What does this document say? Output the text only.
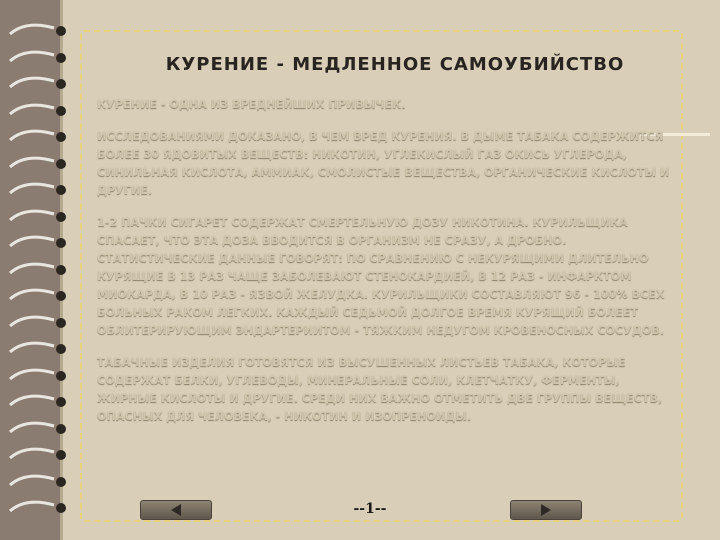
КУРЕНИЕ - МЕДЛЕННОЕ САМОУБИЙСТВО

КУРЕНИЕ - ОДНА ИЗ ВРЕДНЕЙШИХ ПРИВЫЧЕК.

ИССЛЕДОВАНИЯМИ ДОКАЗАНО, В ЧЕМ ВРЕД КУРЕНИЯ. В ДЫМЕ ТАБАКА СОДЕРЖИТСЯ БОЛЕЕ 30 ЯДОВИТЫХ ВЕЩЕСТВ: НИКОТИН, УГЛЕКИСЛЫЙ ГАЗ ОКИСЬ УГЛЕРОДА, СИНИЛЬНАЯ КИСЛОТА, АММИАК, СМОЛИСТЫЕ ВЕЩЕСТВА, ОРГАНИЧЕСКИЕ КИСЛОТЫ И ДРУГИЕ.

1-2 ПАЧКИ СИГАРЕТ СОДЕРЖАТ СМЕРТЕЛЬНУЮ ДОЗУ НИКОТИНА. КУРИЛЬЩИКА СПАСАЕТ, ЧТО ЭТА ДОЗА ВВОДИТСЯ В ОРГАНИЗМ НЕ СРАЗУ, А ДРОБНО. СТАТИСТИЧЕСКИЕ ДАННЫЕ ГОВОРЯТ: ПО СРАВНЕНИЮ С НЕКУРЯЩИМИ ДЛИТЕЛЬНО КУРЯЩИЕ В 13 РАЗ ЧАЩЕ ЗАБОЛЕВАЮТ СТЕНОКАРДИЕЙ, В 12 РАЗ - ИНФАРКТОМ МИОКАРДА, В 10 РАЗ - ЯЗВОЙ ЖЕЛУДКА. КУРИЛЬЩИКИ СОСТАВЛЯЮТ 96 - 100% ВСЕХ БОЛЬНЫХ РАКОМ ЛЕГКИХ. КАЖДЫЙ СЕДЬМОЙ ДОЛГОЕ ВРЕМЯ КУРЯЩИЙ БОЛЕЕТ ОБЛИТЕРИРУЮЩИМ ЭНДАРТЕРИИТОМ - ТЯЖКИМ НЕДУГОМ КРОВЕНОСНЫХ СОСУДОВ.

ТАБАЧНЫЕ ИЗДЕЛИЯ ГОТОВЯТСЯ ИЗ ВЫСУШЕННЫХ ЛИСТЬЕВ ТАБАКА, КОТОРЫЕ СОДЕРЖАТ БЕЛКИ, УГЛЕВОДЫ, МИНЕРАЛЬНЫЕ СОЛИ, КЛЕТЧАТКУ, ФЕРМЕНТЫ, ЖИРНЫЕ КИСЛОТЫ И ДРУГИЕ. СРЕДИ НИХ ВАЖНО ОТМЕТИТЬ ДВЕ ГРУППЫ ВЕЩЕСТВ, ОПАСНЫХ ДЛЯ ЧЕЛОВЕКА, - НИКОТИН И ИЗОПРЕНОИДЫ.

--1--
